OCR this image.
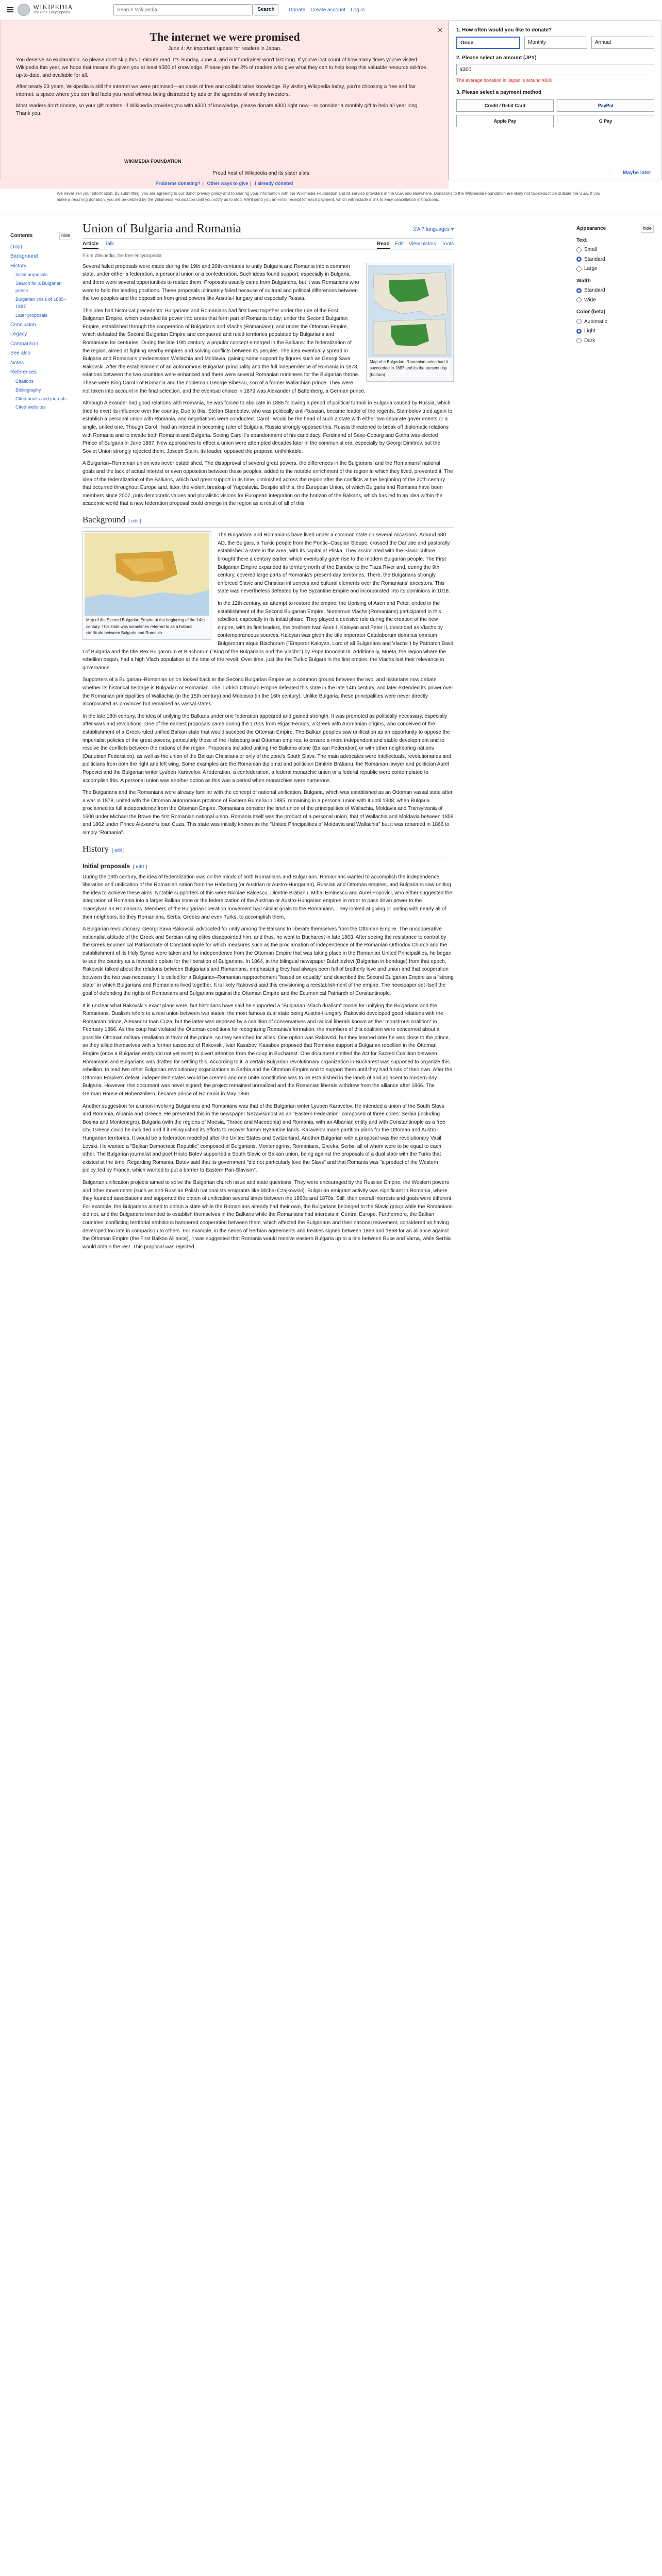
WIKIPEDIA
The Free Encyclopedia	Search Wikipedia	Search	Donate Create account Log in
✕
The internet we were promised
June 4: An important update for readers in Japan.

You deserve an explanation, so please don't skip this 1-minute read. It's Sunday, June 4, and our fundraiser won't last long. If you've lost count of how many times you've visited Wikipedia this year, we hope that means it's given you at least ¥300 of knowledge. Please join the 2% of readers who give what they can to help keep this valuable resource ad-free, up-to-date, and available for all.

After nearly 23 years, Wikipedia is still the internet we were promised—an oasis of free and collaborative knowledge. By visiting Wikipedia today, you're choosing a free and fair internet: a space where you can find facts you need without being distracted by ads or the agendas of wealthy investors.

Most readers don't donate, so your gift matters. If Wikipedia provides you with ¥300 of knowledge, please donate ¥300 right now—or consider a monthly gift to help all year long. Thank you.

WIKIMEDIA FOUNDATION
Proud host of Wikipedia and its sister sites
1. How often would you like to donate?
Once	Monthly	Annual
2. Please select an amount (JPY)
¥300
The average donation in Japan is around ¥800.
3. Please select a payment method
Credit / Debit Card	PayPal
Apple Pay	G Pay
Maybe later
Problems donating? | Other ways to give | I already donated
We never sell your information. By submitting, you are agreeing to our donor privacy policy and to sharing your information with the Wikimedia Foundation and its service providers in the USA and elsewhere. Donations to the Wikimedia Foundation are likely not tax-deductible outside the USA. If you make a recurring donation, you will be debited by the Wikimedia Foundation until you notify us to stop. We'll send you an email receipt for each payment, which will include a link to easy cancellation instructions.
Contents	hide
(Top)
Background
History
Initial proposals
Search for a Bulgarian prince
Bulgarian crisis of 1885–1887
Later proposals
Conclusion
Legacy
Comparison
See also
Notes
References
Citations
Bibliography
Cited books and journals
Cited websites
Union of Bulgaria and Romania	文A 7 languages ▾
Article Talk	Read Edit View history Tools
From Wikipedia, the free encyclopedia
Map of a Bulgarian–Romanian union had it succeeded in 1887 and its the present day (bottom)

Several failed proposals were made during the 19th and 20th centuries to unify Bulgaria and Romania into a common state, under either a federation, a personal union or a confederation. Such ideas found support, especially in Bulgaria, and there were several opportunities to realize them. Proposals usually came from Bulgarians, but it was Romanians who were to hold the leading positions. These proposals ultimately failed because of cultural and political differences between the two peoples and the opposition from great powers like Austria-Hungary and especially Russia.

This idea had historical precedents: Bulgarians and Romanians had first lived together under the rule of the First Bulgarian Empire, which extended its power into areas that form part of Romania today; under the Second Bulgarian Empire, established through the cooperation of Bulgarians and Vlachs (Romanians); and under the Ottoman Empire, which defeated the Second Bulgarian Empire and conquered and ruled territories populated by Bulgarians and Romanians for centuries. During the late 19th century, a popular concept emerged in the Balkans: the federalization of the region, aimed at fighting nearby empires and solving conflicts between its peoples. The idea eventually spread in Bulgaria and Romania's predecessors Wallachia and Moldavia, gaining some support by figures such as Georgi Sava Rakovski. After the establishment of an autonomous Bulgarian principality and the full independence of Romania in 1878, relations between the two countries were enhanced and there were several Romanian nominees for the Bulgarian throne. These were King Carol I of Romania and the nobleman George Bibescu, son of a former Wallachian prince. They were not taken into account in the final selection, and the eventual choice in 1879 was Alexander of Battenberg, a German prince.

Although Alexander had good relations with Romania, he was forced to abdicate in 1886 following a period of political turmoil in Bulgaria caused by Russia, which tried to exert its influence over the country. Due to this, Stefan Stambolov, who was politically anti-Russian, became leader of the regents. Stambolov tried again to establish a personal union with Romania, and negotiations were conducted. Carol I would be the head of such a state with either two separate governments or a single, united one. Though Carol I had an interest in becoming ruler of Bulgaria, Russia strongly opposed this. Russia threatened to break off diplomatic relations with Romania and to invade both Romania and Bulgaria. Seeing Carol I's abandonment of his candidacy, Ferdinand of Saxe-Coburg and Gotha was elected Prince of Bulgaria in June 1887. New approaches to effect a union were attempted decades later in the communist era, especially by Georgi Dimitrov, but the Soviet Union strongly rejected them. Joseph Stalin, its leader, opposed the proposal unthinkable.

A Bulgarian–Romanian union was never established. The disapproval of several great powers, the differences in the Bulgarians' and the Romanians' national goals and the lack of actual interest or even opposition between these peoples, added to the notable enrichment of the region in which they lived, prevented it. The idea of the federalization of the Balkans, which had great support in its time, diminished across the region after the conflicts at the beginning of the 20th century that occurred throughout Europe and, later, the violent breakup of Yugoslavia. Despite all this, the European Union, of which Bulgaria and Romania have been members since 2007, puts democratic values and pluralistic visions for European integration on the horizon of the Balkans, which has led to an idea within the academic world that a new federation proposal could emerge in the region as a result of all of this.

Background [ edit ]
Map of the Second Bulgarian Empire at the beginning of the 14th century. This state was sometimes referred to as a historic similitude between Bulgaria and Romania.

The Bulgarians and Romanians have lived under a common state on several occasions. Around 680 AD, the Bulgars, a Turkic people from the Pontic–Caspian Steppe, crossed the Danube and pastorally established a state in the area, with its capital at Pliska. They assimilated with the Slavic culture brought there a century earlier, which eventually gave rise to the modern Bulgarian people. The First Bulgarian Empire expanded its territory north of the Danube to the Tisza River and, during the 9th century, covered large parts of Romania's present-day territories. There, the Bulgarians strongly enforced Slavic and Christian influences and cultural elements over the Romanians' ancestors. This state was nevertheless defeated by the Byzantine Empire and incorporated into its dominions in 1018.

In the 12th century, an attempt to restore the empire, the Uprising of Asen and Peter, ended in the establishment of the Second Bulgarian Empire. Numerous Vlachs (Romanians) participated in this rebellion, especially in its initial phase. They played a decisive role during the creation of the new empire, with its first leaders, the brothers Ivan Asen I, Kaloyan and Peter II, described as Vlachs by contemporaneous sources. Kaloyan was given the title imperator Catalaborum domnius omnium Bulgarorum atque Blachorum ("Emperor Kaloyan, Lord of all Bulgarians and Vlachs") by Patriarch Basil I of Bulgaria and the title Rex Bulgarorum et Blachorum ("King of the Bulgarians and the Vlachs") by Pope Innocent III. Additionally, Mueta, the region where the rebellion began, had a high Vlach population at the time of the revolt. Over time, just like the Turkic Bulgars in the first empire, the Vlachs lost their relevance in governance.

Supporters of a Bulgarian–Romanian union looked back to the Second Bulgarian Empire as a common ground between the two, and historians now debate whether its historical heritage is Bulgarian or Romanian. The Turkish Ottoman Empire defeated this state in the late 14th century, and later extended its power over the Romanian principalities of Wallachia (in the 15th century) and Moldavia (in the 16th century). Unlike Bulgaria, these principalities were never directly incorporated as provinces but remained as vassal states.

In the late 18th century, the idea of unifying the Balkans under one federation appeared and gained strength. It was promoted as politically necessary, especially after wars and revolutions. One of the earliest proposals came during the 1790s from Rigas Feraios, a Greek with Aromanian origins, who conceived of the establishment of a Greek-ruled unified Balkan state that would succeed the Ottoman Empire. The Balkan peoples saw unification as an opportunity to oppose the imperialist policies of the great powers, particularly those of the Habsburg and Ottoman empires, to ensure a more independent and stable development and to resolve the conflicts between the nations of the region. Proposals included uniting the Balkans alone (Balkan Federation) or with other neighboring nations (Danubian Federation), as well as the union of the Balkan Christians or only of the zone's South Slavs. The main advocates were intellectuals, revolutionaries and politicians from both the right and left wing. Some examples are the Romanian diplomat and politician Dimitrie Brătianu, the Romanian lawyer and politician Aurel Popovici and the Bulgarian writer Lyuben Karavelov. A federation, a confederation, a federal monarchic union or a federal republic were contemplated to accomplish this. A personal union was another option as this was a period when monarchies were numerous.

The Bulgarians and the Romanians were already familiar with the concept of national unification. Bulgaria, which was established as an Ottoman vassal state after a war in 1878, united with the Ottoman autonomous province of Eastern Rumelia in 1885, remaining in a personal union with it until 1908, when Bulgaria proclaimed its full independence from the Ottoman Empire. Romanians consider the brief union of the principalities of Wallachia, Moldavia and Transylvania of 1600 under Michael the Brave the first Romanian national union. Romania itself was the product of a personal union, that of Wallachia and Moldavia between 1859 and 1862 under Prince Alexandru Ioan Cuza. This state was initially known as the "United Principalities of Moldavia and Wallachia" but it was renamed in 1866 to simply "Romania".

History [ edit ]
Initial proposals [ edit ]

During the 19th century, the idea of federalization was on the minds of both Romanians and Bulgarians. Romanians wanted to accomplish the independence, liberation and unification of the Romanian nation from the Habsburg (or Austrian or Austro-Hungarian), Russian and Ottoman empires, and Bulgarians saw uniting the idea to achieve these aims. Notable supporters of this were Nicolae Bălcescu, Dimitrie Brătianu, Mihai Eminescu and Aurel Popovici, who either suggested the integration of Romania into a larger Balkan state or the federalization of the Austrian or Austro-Hungarian empires in order to pass down power to the Transylvanian Romanians. Members of the Bulgarian liberation movement had similar goals to the Romanians. They looked at giving or uniting with nearly all of their neighbors, be they Romanians, Serbs, Greeks and even Turks, to accomplish them.

A Bulgarian revolutionary, Georgi Sava Rakovski, advocated for unity among the Balkans to liberate themselves from the Ottoman Empire. The uncooperative nationalist attitude of the Greek and Serbian ruling elites disappointed him, and thus, he went to Bucharest in late 1863. After seeing the resistance to control by the Greek Ecumenical Patriarchate of Constantinople for which measures such as the proclamation of independence of the Romanian Orthodox Church and the establishment of its Holy Synod were taken and for independence from the Ottoman Empire that was taking place in the Romanian United Principalities, he began to see the country as a favorable option for the liberation of Bulgarians. In 1864, in the bilingual newspaper Bulzhiezhivi (Bulgarian in bondage) from that epoch, Rakovski talked about the relations between Bulgarians and Romanians, emphasizing they had always been full of brotherly love and union and that cooperation between the two was necessary. He called for a Bulgarian–Romanian rapprochement "based on equality" and described the Second Bulgarian Empire as a "strong state" in which Bulgarians and Romanians lived together. It is likely Rakovski said this envisioning a reestablishment of the empire. The newspaper set itself the goal of defending the rights of Romanians and Bulgarians against the Ottoman Empire and the Ecumenical Patriarch of Constantinople.

It is unclear what Rakovski's exact plans were, but historians have said he supported a "Bulgarian–Vlach dualism" model for unifying the Bulgarians and the Romanians. Dualism refers to a real union between two states, the most famous dual state being Austria-Hungary. Rakovski developed good relations with the Romanian prince, Alexandru Ioan Cuza, but the latter was deposed by a coalition of conservatives and radical liberals known as the "monstrous coalition" in February 1866. As this coup had violated the Ottoman conditions for recognizing Romania's formation, the members of this coalition were concerned about a possible Ottoman military retaliation in favor of the prince, so they searched for allies. One option was Rakovski, but they learned later he was close to the prince, so they allied themselves with a former associate of Rakovski, Ivan Kasabov. Kasabov proposed that Romania support a Bulgarian rebellion in the Ottoman Empire (once a Bulgarian entity did not yet exist) to divert attention from the coup in Bucharest. One document entitled the Act for Sacred Coalition between Romanians and Bulgarians was drafted for settling this. According to it, a certain Bulgarian revolutionary organization in Bucharest was supposed to organize this rebellion, to lead two other Bulgarian revolutionary organizations in Serbia and the Ottoman Empire and to support them until they had funds of their own. After the Ottoman Empire's defeat, independent states would be created and one unite constitution was to be established in the lands of and adjacent to modern-day Bulgaria. However, this document was never signed; the project remained unrealized and the Romanian liberals withdrew from the alliance after 1866. The German House of Hohenzollern, became prince of Romania in May 1866.

Another suggestion for a union involving Bulgarians and Romanians was that of the Bulgarian writer Lyuben Karavelov. He intended a union of the South Slavs and Romania, Albania and Greece. He presented this in the newspaper Nezavisimost as an "Eastern Federation" composed of three cores: Serbia (including Bosnia and Montenegro), Bulgaria (with the regions of Moesia, Thrace and Macedonia) and Romania, with an Albanian entity and with Constantinople as a free city. Greece could be included and if it relinquished its efforts to recover former Byzantine lands. Karavelov made partition plans for the Ottoman and Austro-Hungarian territories. It would be a federation modelled after the United States and Switzerland. Another Bulgarian with a proposal was the revolutionary Vasil Levski. He wanted a "Balkan Democratic Republic" composed of Bulgarians, Montenegrins, Romanians, Greeks, Serbs, all of whom were to be equal to each other. The Bulgarian journalist and poet Hristo Botev supported a South Slavic or Balkan union, being against the proposals of a dual state with the Turks that existed at the time. Regarding Romania, Botev said that its government "did not particularly love the Slavs" and that Romania was "a product of the Western policy, led by France, which wanted to put a barrier to Eastern Pan-Slavism".

Bulgarian unification projects aimed to solve the Bulgarian church issue and state questions. They were encouraged by the Russian Empire, the Western powers and other movements (such as anti-Russian Polish nationalists emigrants like Michał Czajkowski). Bulgarian emigrant activity was significant in Romania, where they founded associations and supported the option of unification several times between the 1860s and 1870s. Still, their overall interests and goals were different. For example, the Bulgarians aimed to obtain a state while the Romanians already had their own, the Bulgarians belonged to the Slavic group while the Romanians did not, and the Bulgarians intended to establish themselves in the Balkans while the Romanians had interests in Central Europe. Furthermore, the Balkan countries' conflicting territorial ambitions hampered cooperation between them, which affected the Bulgarians and their national movement, considered as having developed too late in comparison to others. For example, in the series of Serbian agreements and treaties signed between 1866 and 1868 for an alliance against the Ottoman Empire (the First Balkan Alliance), it was suggested that Romania would receive eastern Bulgaria up to a line between Ruse and Varna, while Serbia would obtain the rest. This proposal was rejected.

Appearance	hide
Text
Small
Standard
Large
Width
Standard
Wide
Color (beta)
Automatic
Light
Dark
